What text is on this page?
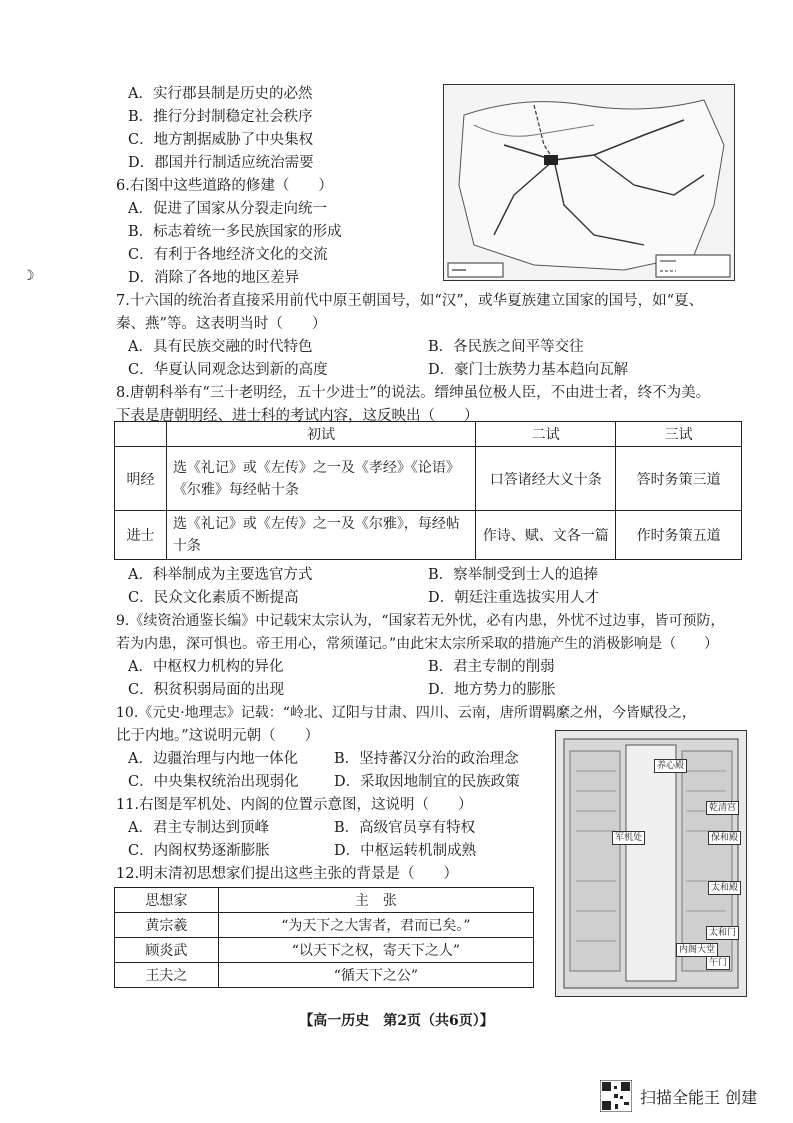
☽
A．实行郡县制是历史的必然
B．推行分封制稳定社会秩序
C．地方割据威胁了中央集权
D．郡国并行制适应统治需要
6.右图中这些道路的修建（　　）
A．促进了国家从分裂走向统一
B．标志着统一多民族国家的形成
C．有利于各地经济文化的交流
D．消除了各地的地区差异
7.十六国的统治者直接采用前代中原王朝国号，如“汉”，或华夏族建立国家的国号，如“夏、
秦、燕”等。这表明当时（　　）
A．具有民族交融的时代特色	B．各民族之间平等交往
C．华夏认同观念达到新的高度	D．豪门士族势力基本趋向瓦解
8.唐朝科举有“三十老明经，五十少进士”的说法。缙绅虽位极人臣，不由进士者，终不为美。
下表是唐朝明经、进士科的考试内容，这反映出（　　）
	初试	二试	三试
明经	选《礼记》或《左传》之一及《孝经》《论语》《尔雅》每经帖十条	口答诸经大义十条	答时务策三道
进士	选《礼记》或《左传》之一及《尔雅》，每经帖十条	作诗、赋、文各一篇	作时务策五道
A．科举制成为主要选官方式	B．察举制受到士人的追捧
C．民众文化素质不断提高	D．朝廷注重选拔实用人才
9.《续资治通鉴长编》中记载宋太宗认为，“国家若无外忧，必有内患，外忧不过边事，皆可预防，
若为内患，深可惧也。帝王用心，常须谨记。”由此宋太宗所采取的措施产生的消极影响是（　　）
A．中枢权力机构的异化	B．君主专制的削弱
C．积贫积弱局面的出现	D．地方势力的膨胀
10.《元史·地理志》记载：“岭北、辽阳与甘肃、四川、云南，唐所谓羁縻之州，今皆赋役之，
比于内地。”这说明元朝（　　）
A．边疆治理与内地一体化 B．坚持蕃汉分治的政治理念
C．中央集权统治出现弱化 D．采取因地制宜的民族政策
11.右图是军机处、内阁的位置示意图，这说明（　　）
A．君主专制达到顶峰	B．高级官员享有特权
C．内阁权势逐渐膨胀	D．中枢运转机制成熟
养心殿
乾清宫
军机处	保和殿
太和殿
太和门
午门
内阁大堂
12.明末清初思想家们提出这些主张的背景是（　　）
思想家	主　张
黄宗羲	“为天下之大害者，君而已矣。”
顾炎武	“以天下之权，寄天下之人”
王夫之	“循天下之公”
【高一历史　第2页（共6页）】
扫描全能王 创建
